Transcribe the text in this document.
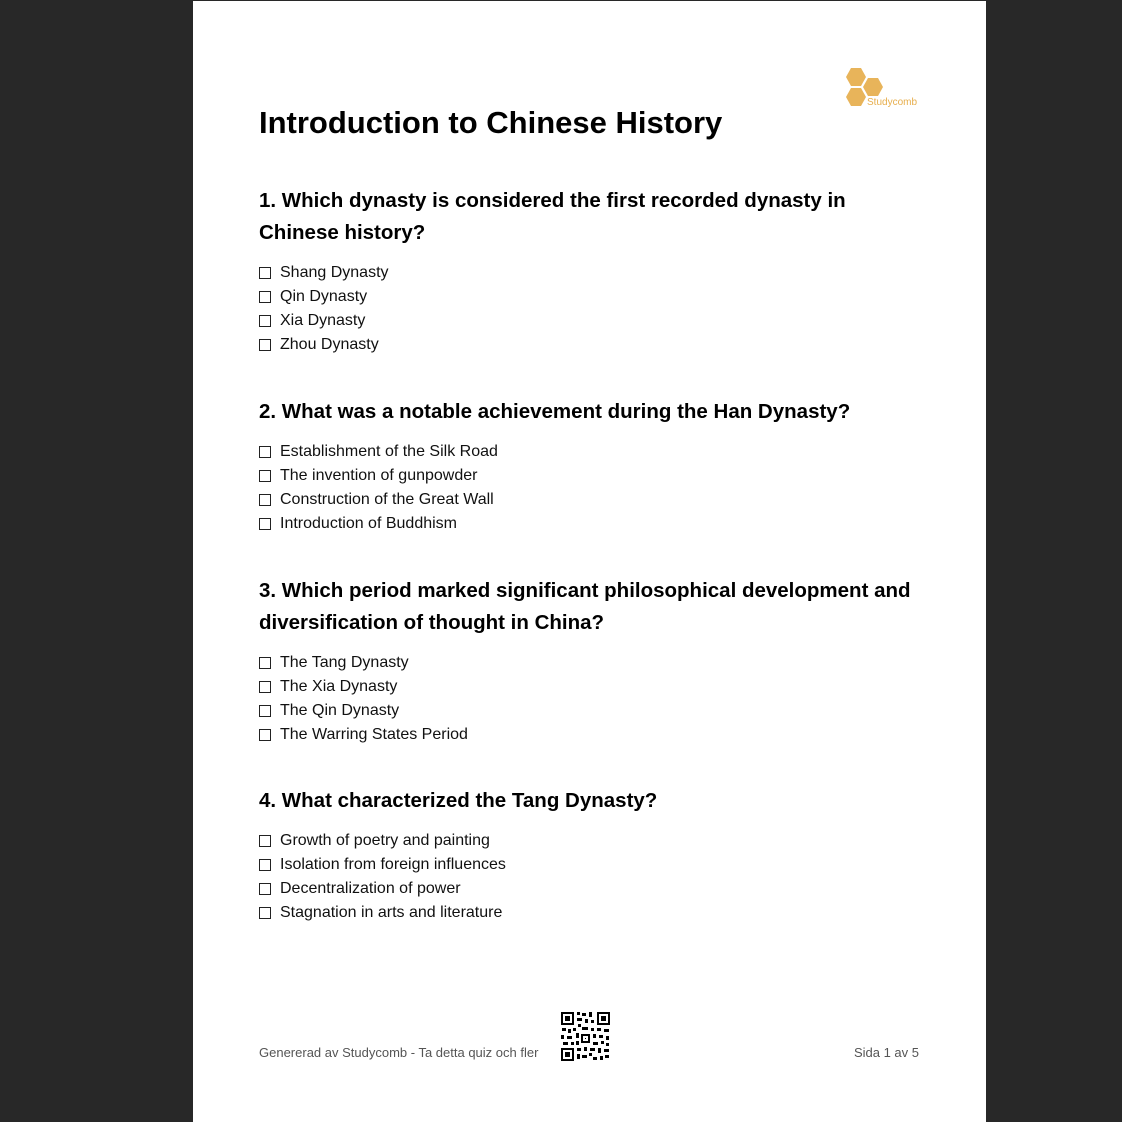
Studycomb
Introduction to Chinese History

1. Which dynasty is considered the first recorded dynasty in Chinese history?

Shang Dynasty
Qin Dynasty
Xia Dynasty
Zhou Dynasty

2. What was a notable achievement during the Han Dynasty?

Establishment of the Silk Road
The invention of gunpowder
Construction of the Great Wall
Introduction of Buddhism

3. Which period marked significant philosophical development and diversification of thought in China?

The Tang Dynasty
The Xia Dynasty
The Qin Dynasty
The Warring States Period

4. What characterized the Tang Dynasty?

Growth of poetry and painting
Isolation from foreign influences
Decentralization of power
Stagnation in arts and literature
Genererad av Studycomb - Ta detta quiz och fler	Sida 1 av 5
